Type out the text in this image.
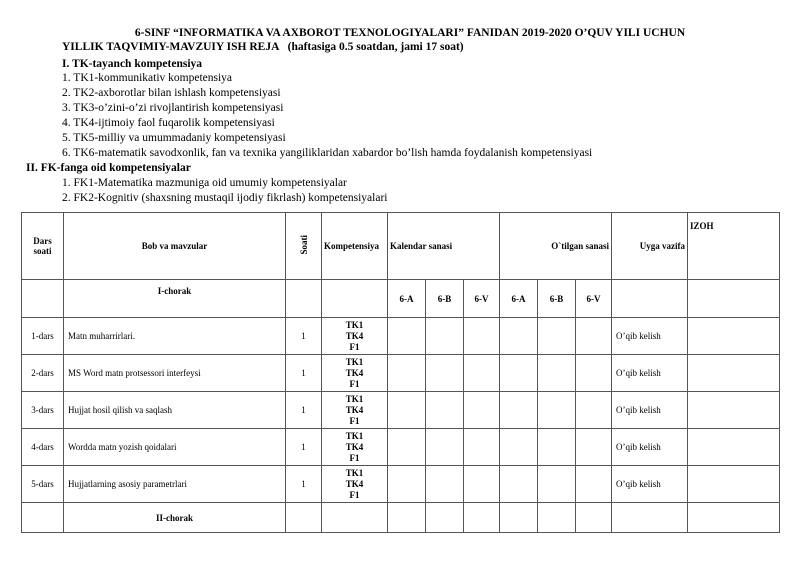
6-SINF “INFORMATIKA VA AXBOROT TEXNOLOGIYALARI” FANIDAN 2019-2020 O’QUV YILI UCHUN
YILLIK TAQVIMIY-MAVZUIY ISH REJA (haftasiga 0.5 soatdan, jami 17 soat)
I. TK-tayanch kompetensiya
1. TK1-kommunikativ kompetensiya
2. TK2-axborotlar bilan ishlash kompetensiyasi
3. TK3-o’zini-o’zi rivojlantirish kompetensiyasi
4. TK4-ijtimoiy faol fuqarolik kompetensiyasi
5. TK5-milliy va umummadaniy kompetensiyasi
6. TK6-matematik savodxonlik, fan va texnika yangiliklaridan xabardor bo’lish hamda foydalanish kompetensiyasi
II. FK-fanga oid kompetensiyalar
1. FK1-Matematika mazmuniga oid umumiy kompetensiyalar
2. FK2-Kognitiv (shaxsning mustaqil ijodiy fikrlash) kompetensiyalari
Dars soati	Bob va mavzular	Soati	Kompetensiya	Kalendar sanasi			O`tilgan sanasi			Uyga vazifa	IZOH
	I-chorak			6-A	6-B	6-V	6-A	6-B	6-V		
1-dars	Matn muharrirlari.	1	TK1
TK4
F1							O’qib kelish	
2-dars	MS Word matn protsessori interfeysi	1	TK1
TK4
F1							O’qib kelish	
3-dars	Hujjat hosil qilish va saqlash	1	TK1
TK4
F1							O’qib kelish	
4-dars	Wordda matn yozish qoidalari	1	TK1
TK4
F1							O’qib kelish	
5-dars	Hujjatlarning asosiy parametrlari	1	TK1
TK4
F1							O’qib kelish	
	II-chorak										
